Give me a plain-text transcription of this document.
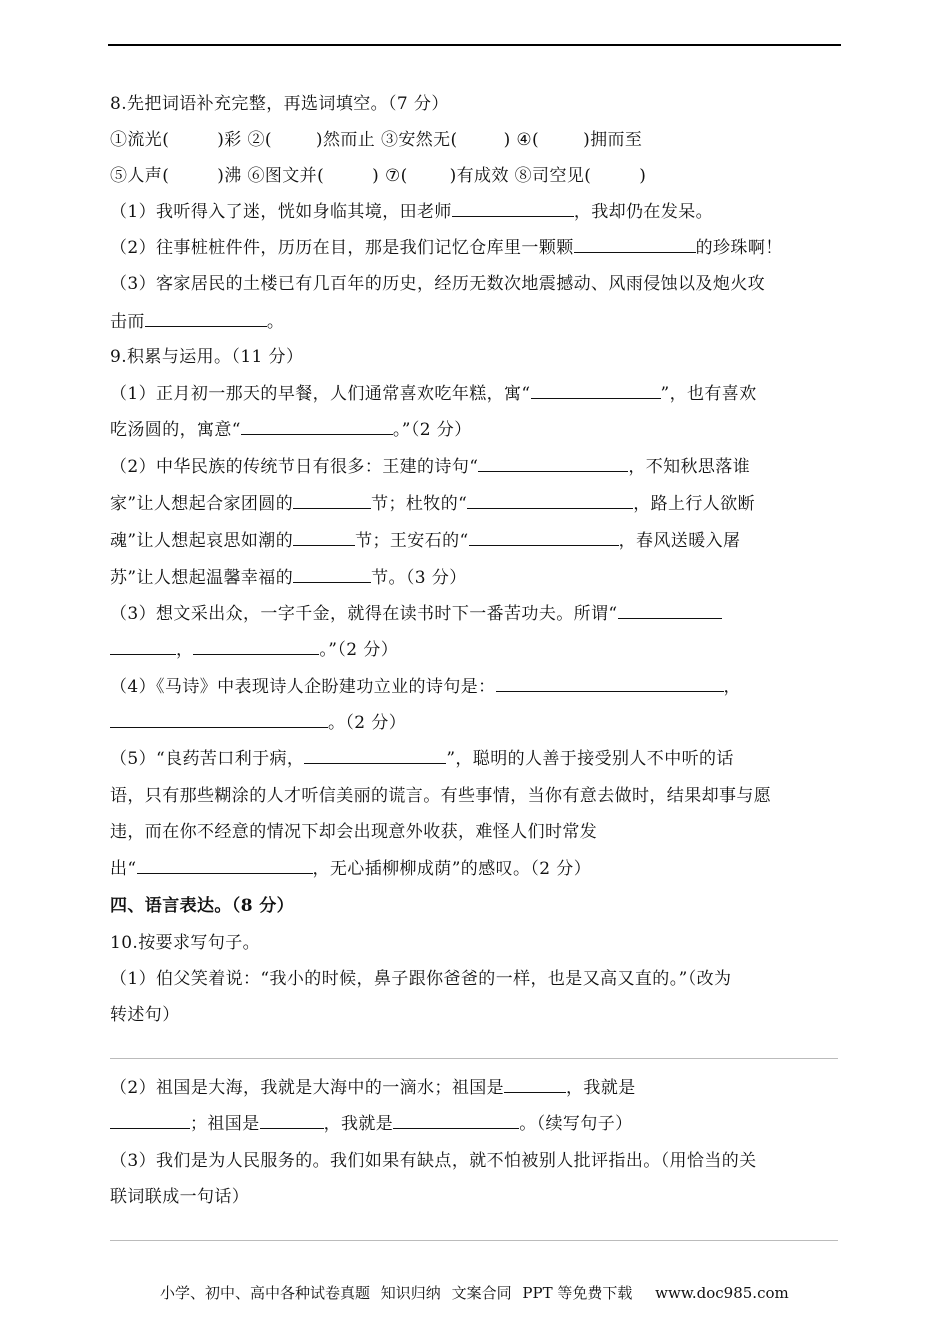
8.先把词语补充完整，再选词填空。（7 分）
①流光(	)彩 ②(	)然而止 ③安然无(	) ④(	)拥而至
⑤人声(	)沸 ⑥图文并(	) ⑦( )有成效 ⑧司空见(	)
（1）我听得入了迷，恍如身临其境，田老师	，我却仍在发呆。
（2）往事桩桩件件，历历在目，那是我们记忆仓库里一颗颗	的珍珠啊！
（3）客家居民的土楼已有几百年的历史，经历无数次地震撼动、风雨侵蚀以及炮火攻
击而	。
9.积累与运用。（11 分）
（1）正月初一那天的早餐，人们通常喜欢吃年糕，寓“	”，也有喜欢
吃汤圆的，寓意“	。”（2 分）
（2）中华民族的传统节日有很多：王建的诗句“	，不知秋思落谁
家”让人想起合家团圆的	节；杜牧的“	，路上行人欲断
魂”让人想起哀思如潮的	节；王安石的“	，春风送暖入屠
苏”让人想起温馨幸福的	节。（3 分）
（3）想文采出众，一字千金，就得在读书时下一番苦功夫。所谓“
，	。”（2 分）
（4）《马诗》中表现诗人企盼建功立业的诗句是：	，
。（2 分）
（5）“良药苦口利于病，	”，聪明的人善于接受别人不中听的话
语，只有那些糊涂的人才听信美丽的谎言。有些事情，当你有意去做时，结果却事与愿
违，而在你不经意的情况下却会出现意外收获，难怪人们时常发
出“	，无心插柳柳成荫”的感叹。（2 分）
四、语言表达。（8 分）
10.按要求写句子。
（1）伯父笑着说：“我小的时候，鼻子跟你爸爸的一样，也是又高又直的。”（改为
转述句）
（2）祖国是大海，我就是大海中的一滴水；祖国是	，我就是
；祖国是	，我就是	。（续写句子）
（3）我们是为人民服务的。我们如果有缺点，就不怕被别人批评指出。（用恰当的关
联词联成一句话）
小学、初中、高中各种试卷真题 知识归纳 文案合同 PPT 等免费下载 www.doc985.com
